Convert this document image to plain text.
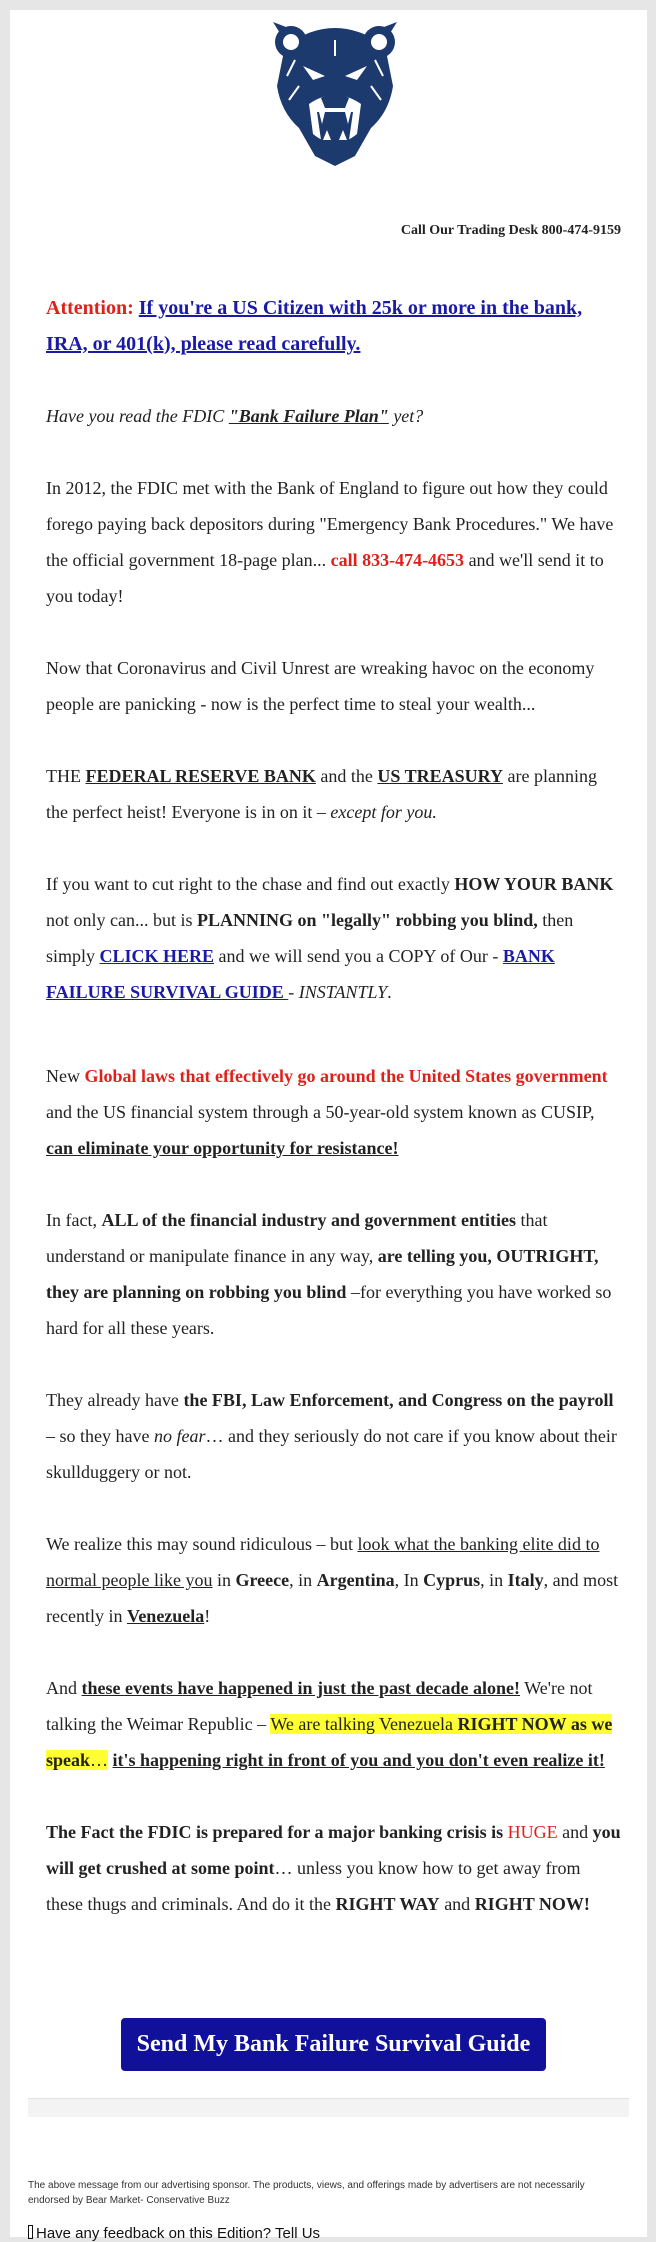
Call Our Trading Desk 800-474-9159
Attention: If you're a US Citizen with 25k or more in the bank, IRA, or 401(k), please read carefully.
Have you read the FDIC "Bank Failure Plan" yet?
In 2012, the FDIC met with the Bank of England to figure out how they could forego paying back depositors during "Emergency Bank Procedures." We have the official government 18-page plan... call 833-474-4653 and we'll send it to you today!
Now that Coronavirus and Civil Unrest are wreaking havoc on the economy people are panicking - now is the perfect time to steal your wealth...
THE FEDERAL RESERVE BANK and the US TREASURY are planning the perfect heist! Everyone is in on it – except for you.
If you want to cut right to the chase and find out exactly HOW YOUR BANK not only can... but is PLANNING on "legally" robbing you blind, then simply CLICK HERE and we will send you a COPY of Our - BANK FAILURE SURVIVAL GUIDE - INSTANTLY.
New Global laws that effectively go around the United States government and the US financial system through a 50-year-old system known as CUSIP, can eliminate your opportunity for resistance!
In fact, ALL of the financial industry and government entities that understand or manipulate finance in any way, are telling you, OUTRIGHT, they are planning on robbing you blind –for everything you have worked so hard for all these years.
They already have the FBI, Law Enforcement, and Congress on the payroll – so they have no fear… and they seriously do not care if you know about their skullduggery or not.
We realize this may sound ridiculous – but look what the banking elite did to normal people like you in Greece, in Argentina, In Cyprus, in Italy, and most recently in Venezuela!
And these events have happened in just the past decade alone! We're not talking the Weimar Republic – We are talking Venezuela RIGHT NOW as we speak… it's happening right in front of you and you don't even realize it!
The Fact the FDIC is prepared for a major banking crisis is HUGE and you will get crushed at some point… unless you know how to get away from these thugs and criminals. And do it the RIGHT WAY and RIGHT NOW!
Send My Bank Failure Survival Guide
The above message from our advertising sponsor. The products, views, and offerings made by advertisers are not necessarily endorsed by Bear Market- Conservative Buzz
Have any feedback on this Edition? Tell Us
